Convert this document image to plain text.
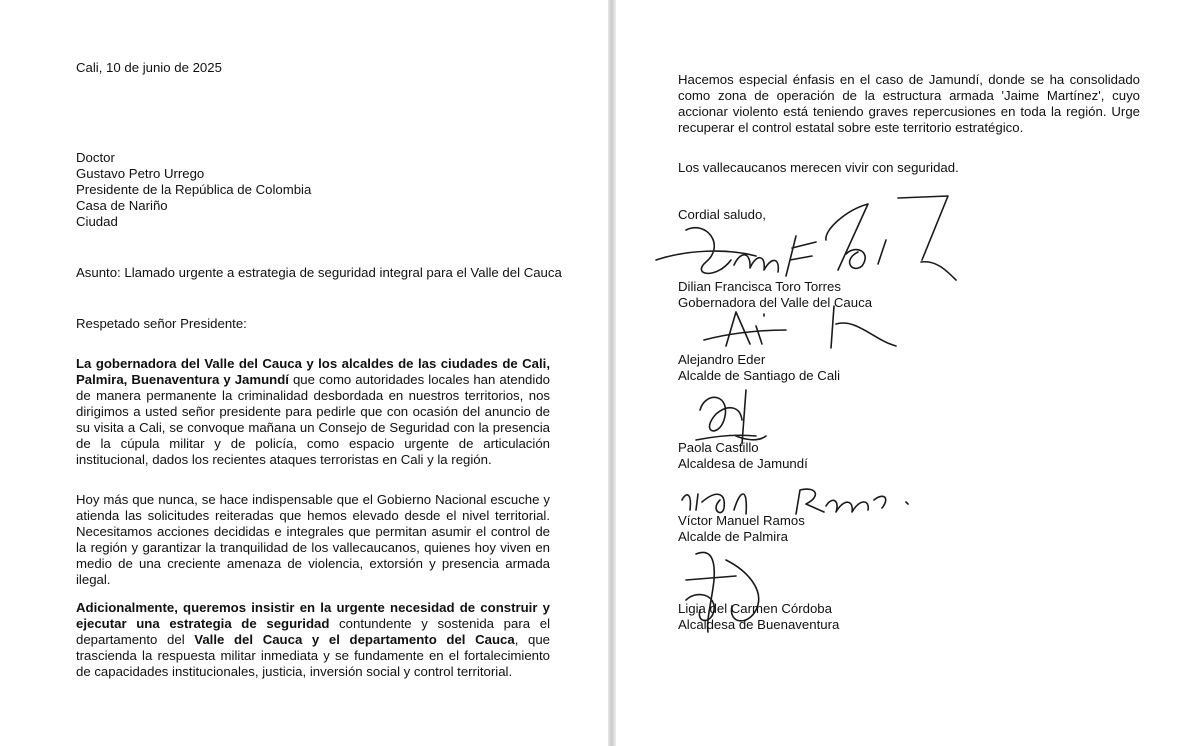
Cali, 10 de junio de 2025

Doctor

Gustavo Petro Urrego

Presidente de la República de Colombia

Casa de Nariño

Ciudad

Asunto: Llamado urgente a estrategia de seguridad integral para el Valle del Cauca

Respetado señor Presidente:

La gobernadora del Valle del Cauca y los alcaldes de las ciudades de Cali, Palmira, Buenaventura y Jamundí que como autoridades locales han atendido de manera permanente la criminalidad desbordada en nuestros territorios, nos dirigimos a usted señor presidente para pedirle que con ocasión del anuncio de su visita a Cali, se convoque mañana un Consejo de Seguridad con la presencia de la cúpula militar y de policía, como espacio urgente de articulación institucional, dados los recientes ataques terroristas en Cali y la región.

Hoy más que nunca, se hace indispensable que el Gobierno Nacional escuche y atienda las solicitudes reiteradas que hemos elevado desde el nivel territorial. Necesitamos acciones decididas e integrales que permitan asumir el control de la región y garantizar la tranquilidad de los vallecaucanos, quienes hoy viven en medio de una creciente amenaza de violencia, extorsión y presencia armada ilegal.

Adicionalmente, queremos insistir en la urgente necesidad de construir y ejecutar una estrategia de seguridad contundente y sostenida para el departamento del Valle del Cauca y el departamento del Cauca, que trascienda la respuesta militar inmediata y se fundamente en el fortalecimiento de capacidades institucionales, justicia, inversión social y control territorial.

Hacemos especial énfasis en el caso de Jamundí, donde se ha consolidado como zona de operación de la estructura armada 'Jaime Martínez', cuyo accionar violento está teniendo graves repercusiones en toda la región. Urge recuperar el control estatal sobre este territorio estratégico.

Los vallecaucanos merecen vivir con seguridad.

Cordial saludo,

Dilian Francisca Toro Torres

Gobernadora del Valle del Cauca

Alejandro Eder

Alcalde de Santiago de Cali

Paola Castillo

Alcaldesa de Jamundí

Víctor Manuel Ramos

Alcalde de Palmira

Ligia del Carmen Córdoba

Alcaldesa de Buenaventura
